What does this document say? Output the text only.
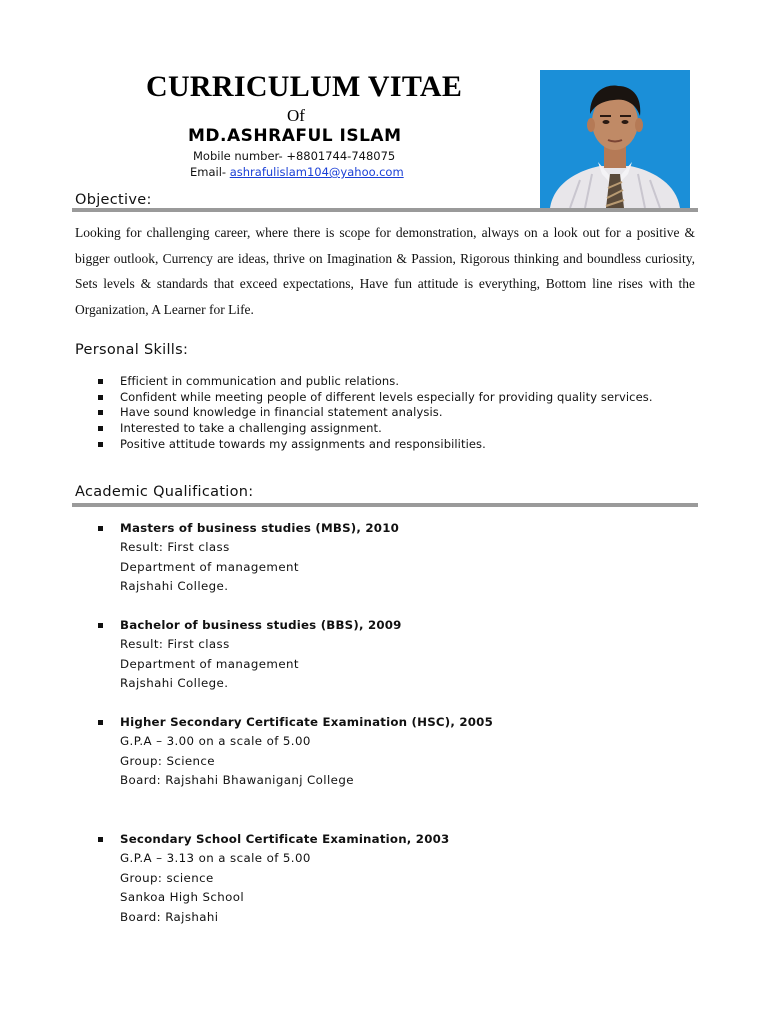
CURRICULUM VITAE
Of
MD.ASHRAFUL ISLAM
Mobile number- +8801744-748075
Email- ashrafulislam104@yahoo.com
Objective:
Looking for challenging career, where there is scope for demonstration, always on a look out for a positive & bigger outlook, Currency are ideas, thrive on Imagination & Passion, Rigorous thinking and boundless curiosity, Sets levels & standards that exceed expectations, Have fun attitude is everything, Bottom line rises with the Organization, A Learner for Life.
Personal Skills:
Efficient in communication and public relations.
Confident while meeting people of different levels especially for providing quality services.
Have sound knowledge in financial statement analysis.
Interested to take a challenging assignment.
Positive attitude towards my assignments and responsibilities.
Academic Qualification:
Masters of business studies (MBS), 2010
Result: First class
Department of management
Rajshahi College.
Bachelor of business studies (BBS), 2009
Result: First class
Department of management
Rajshahi College.
Higher Secondary Certificate Examination (HSC), 2005
G.P.A – 3.00 on a scale of 5.00
Group: Science
Board: Rajshahi Bhawaniganj College
Secondary School Certificate Examination, 2003
G.P.A – 3.13 on a scale of 5.00
Group: science
Sankoa High School
Board: Rajshahi
